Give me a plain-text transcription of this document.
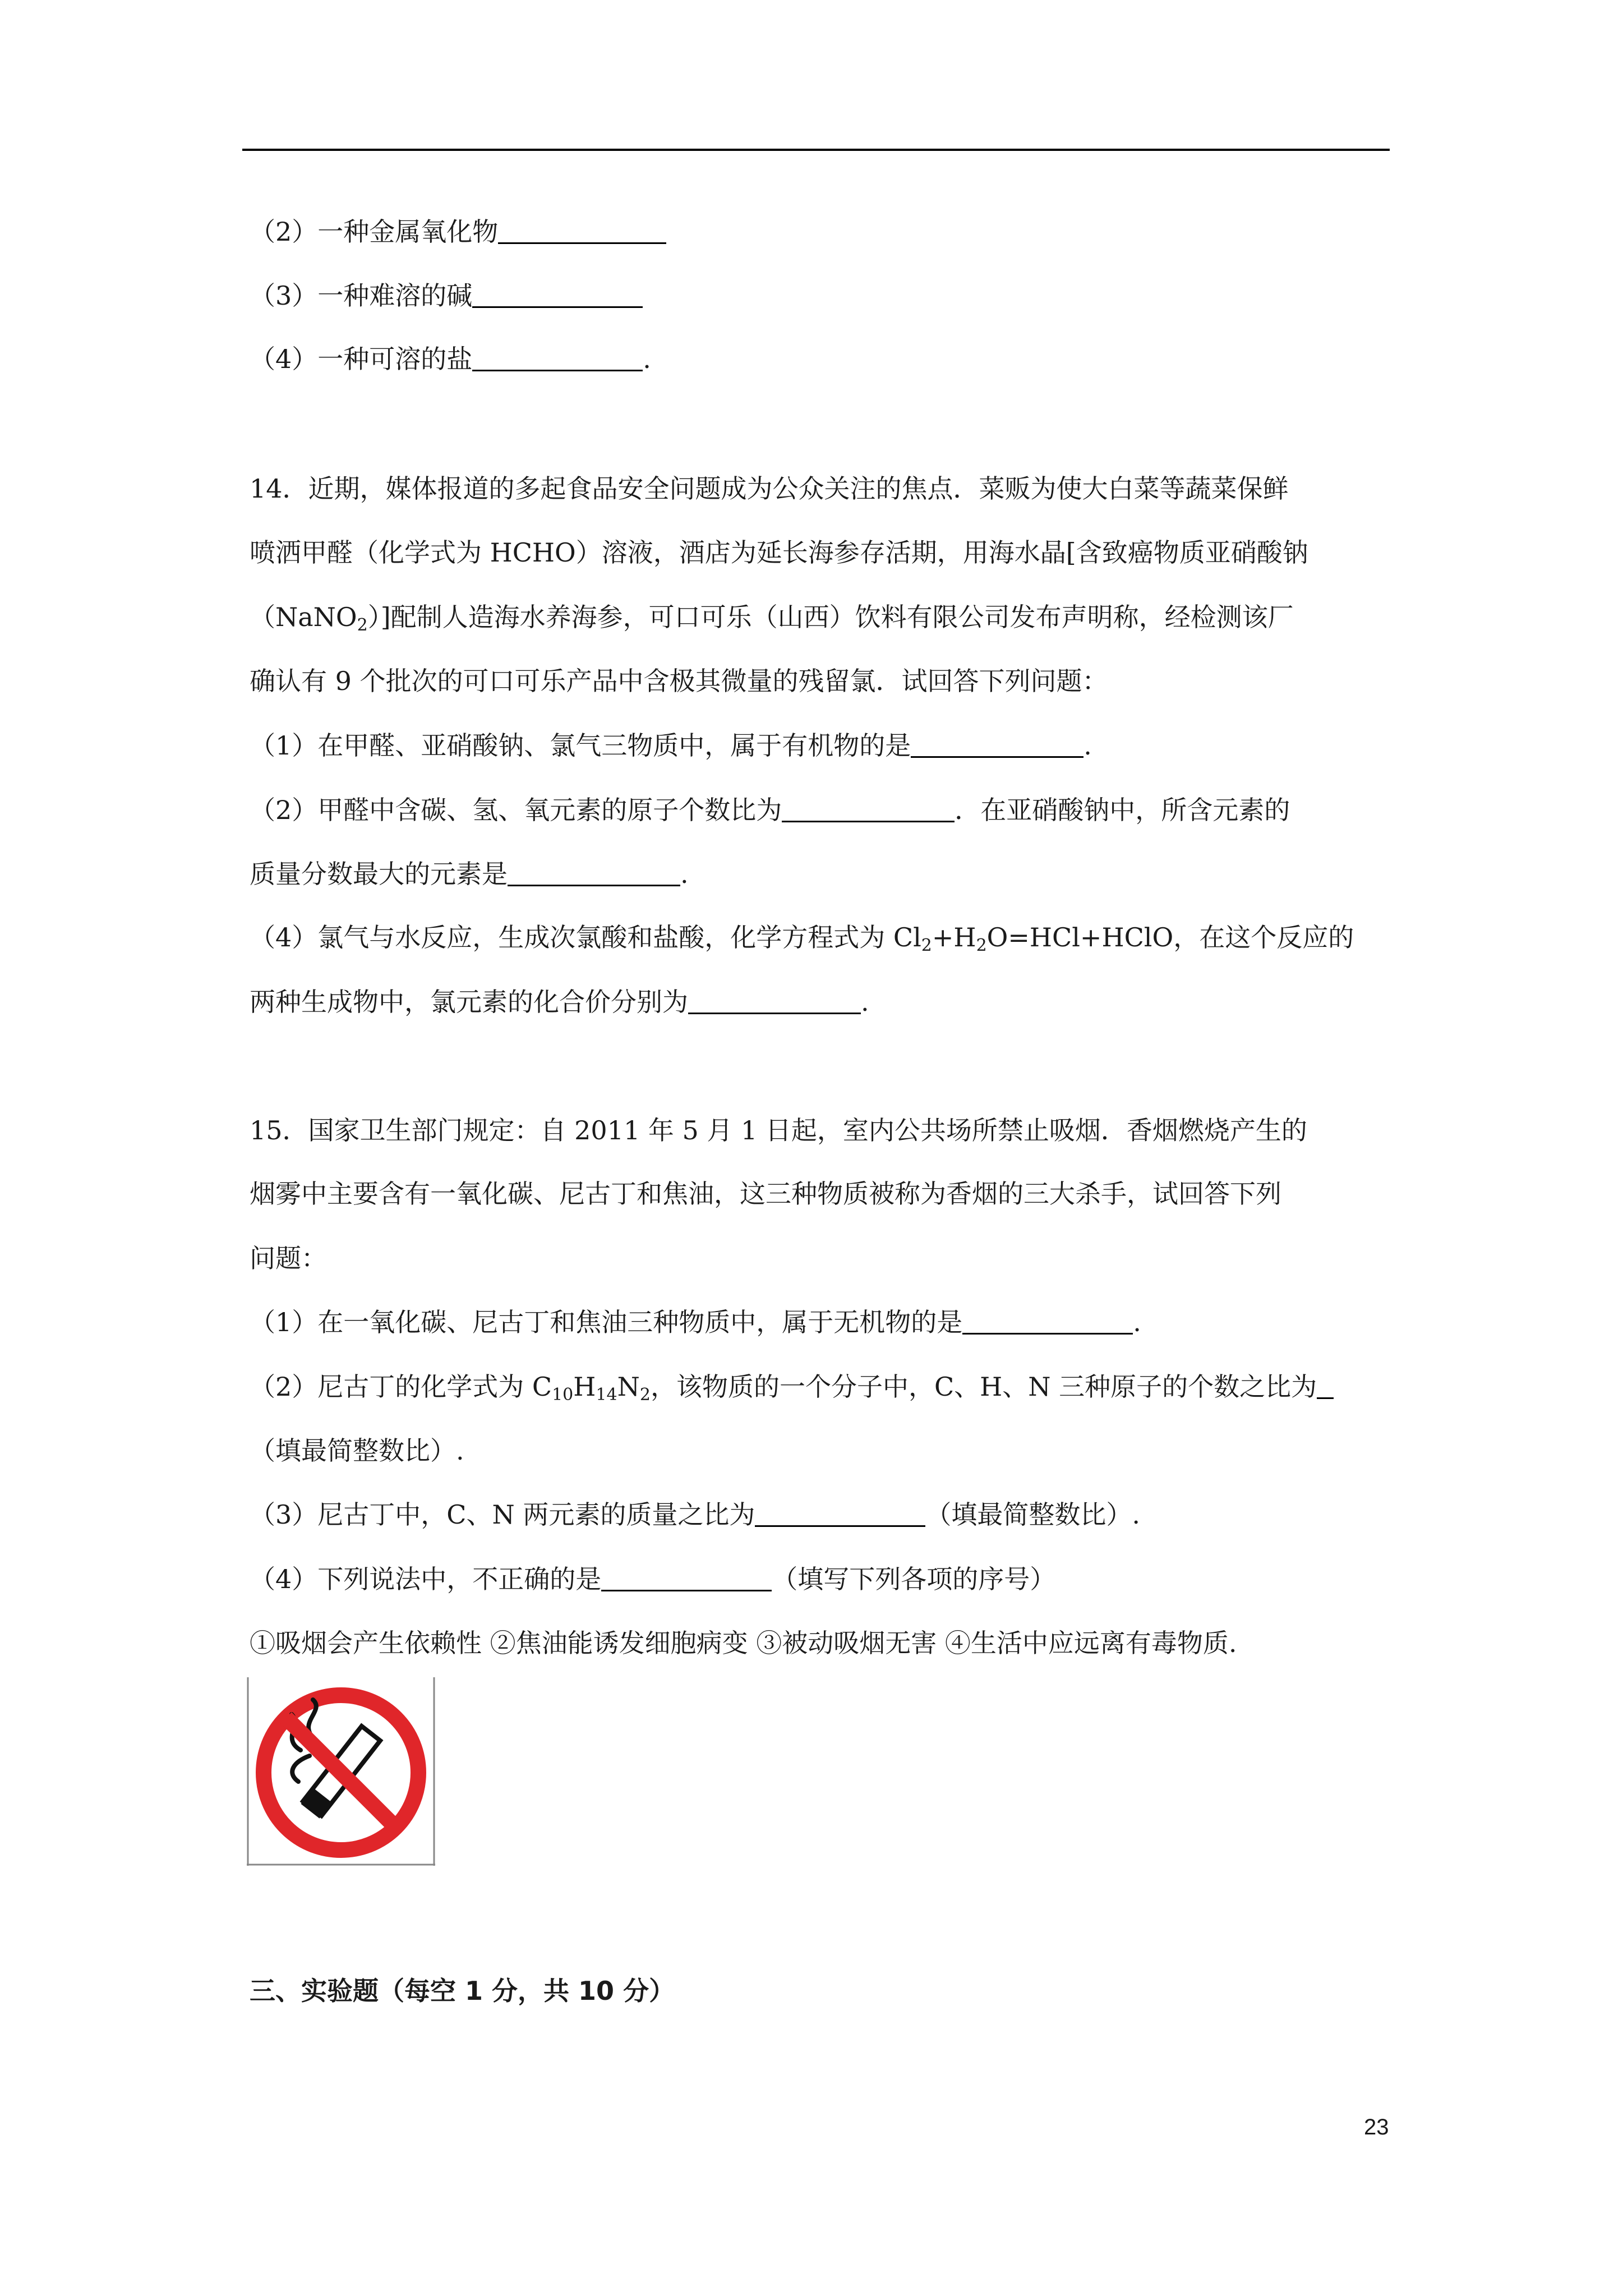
（2）一种金属氧化物
（3）一种难溶的碱
（4）一种可溶的盐	.
14．近期，媒体报道的多起食品安全问题成为公众关注的焦点．菜贩为使大白菜等蔬菜保鲜
喷洒甲醛（化学式为 HCHO）溶液，酒店为延长海参存活期，用海水晶[含致癌物质亚硝酸钠
（NaNO$_2$）]配制人造海水养海参，可口可乐（山西）饮料有限公司发布声明称，经检测该厂
确认有 9 个批次的可口可乐产品中含极其微量的残留氯．试回答下列问题：
（1）在甲醛、亚硝酸钠、氯气三物质中，属于有机物的是	.
（2）甲醛中含碳、氢、氧元素的原子个数比为	．在亚硝酸钠中，所含元素的
质量分数最大的元素是	.
（4）氯气与水反应，生成次氯酸和盐酸，化学方程式为 $Cl_2+H_2O=HCl+HClO$，在这个反应的
两种生成物中，氯元素的化合价分别为	.
15．国家卫生部门规定：自 2011 年 5 月 1 日起，室内公共场所禁止吸烟．香烟燃烧产生的
烟雾中主要含有一氧化碳、尼古丁和焦油，这三种物质被称为香烟的三大杀手，试回答下列
问题：
（1）在一氧化碳、尼古丁和焦油三种物质中，属于无机物的是	.
（2）尼古丁的化学式为 $C_{10}H_{14}N_2$，该物质的一个分子中，C、H、N 三种原子的个数之比为
（填最简整数比）.
（3）尼古丁中，C、N 两元素的质量之比为	（填最简整数比）.
（4）下列说法中，不正确的是	（填写下列各项的序号）
①吸烟会产生依赖性 ②焦油能诱发细胞病变 ③被动吸烟无害 ④生活中应远离有毒物质.
三、实验题（每空 1 分，共 10 分）
23
